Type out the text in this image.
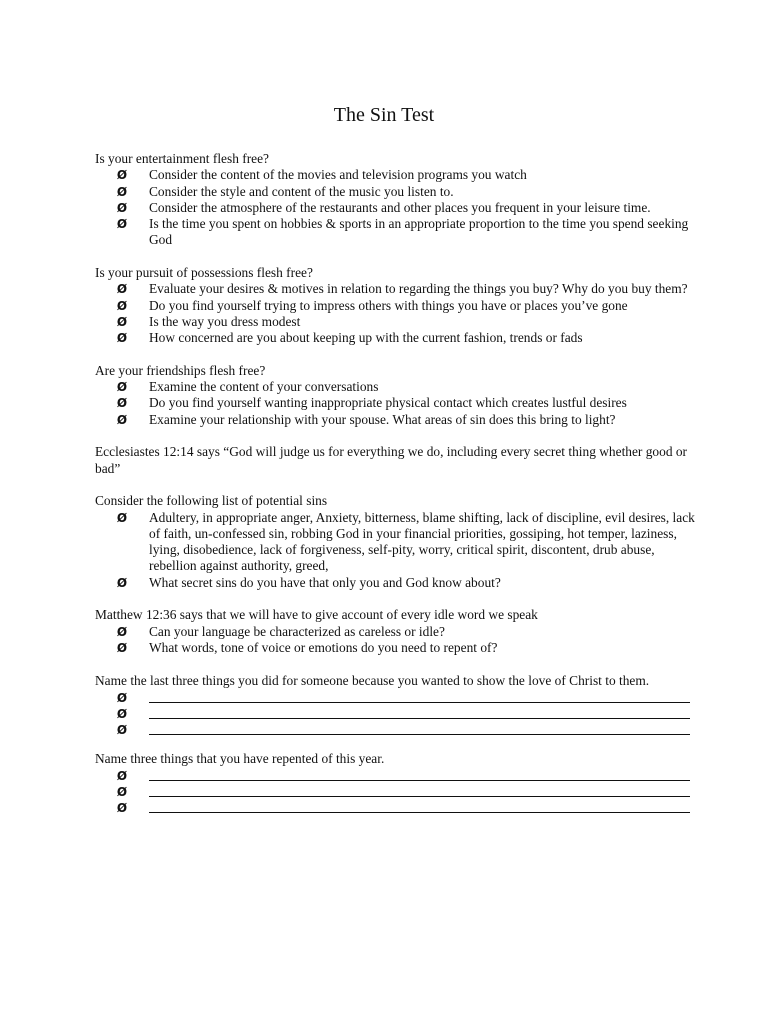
The Sin Test

Is your entertainment flesh free?

Ø Consider the content of the movies and television programs you watch
Ø Consider the style and content of the music you listen to.
Ø Consider the atmosphere of the restaurants and other places you frequent in your leisure time.
Ø Is the time you spent on hobbies & sports in an appropriate proportion to the time you spend seeking God

Is your pursuit of possessions flesh free?

Ø Evaluate your desires & motives in relation to regarding the things you buy? Why do you buy them?
Ø Do you find yourself trying to impress others with things you have or places you’ve gone
Ø Is the way you dress modest
Ø How concerned are you about keeping up with the current fashion, trends or fads

Are your friendships flesh free?

Ø Examine the content of your conversations
Ø Do you find yourself wanting inappropriate physical contact which creates lustful desires
Ø Examine your relationship with your spouse. What areas of sin does this bring to light?

Ecclesiastes 12:14 says “God will judge us for everything we do, including every secret thing whether good or bad”

Consider the following list of potential sins

Ø Adultery, in appropriate anger, Anxiety, bitterness, blame shifting, lack of discipline, evil desires, lack of faith, un-confessed sin, robbing God in your financial priorities, gossiping, hot temper, laziness, lying, disobedience, lack of forgiveness, self-pity, worry, critical spirit, discontent, drub abuse, rebellion against authority, greed,
Ø What secret sins do you have that only you and God know about?

Matthew 12:36 says that we will have to give account of every idle word we speak

Ø Can your language be characterized as careless or idle?
Ø What words, tone of voice or emotions do you need to repent of?

Name the last three things you did for someone because you wanted to show the love of Christ to them.

Ø
Ø
Ø

Name three things that you have repented of this year.

Ø
Ø
Ø
